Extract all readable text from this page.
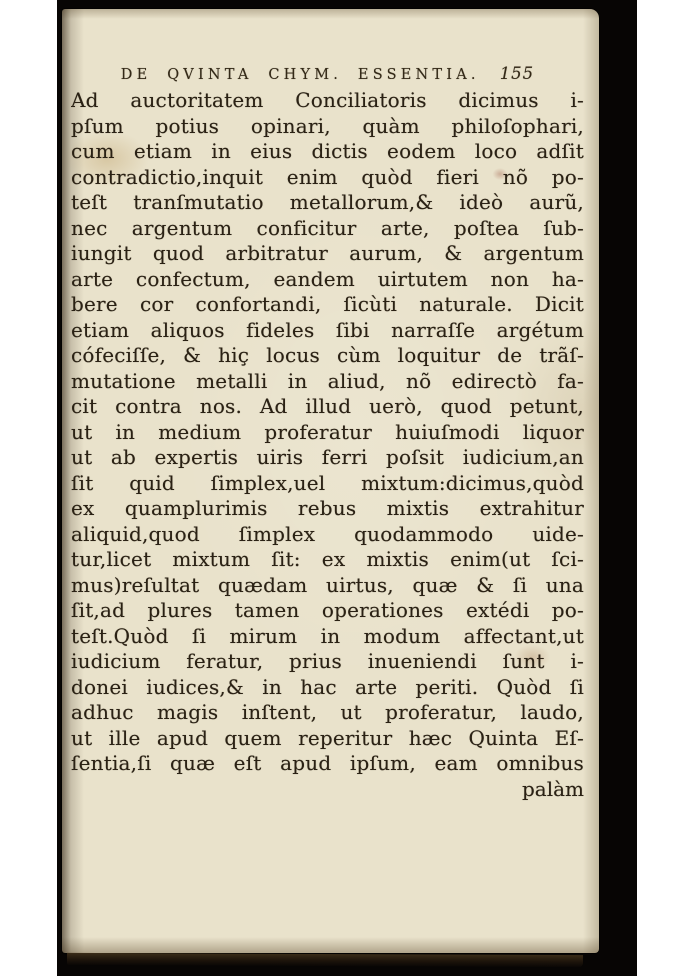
DE QVINTA CHYM. ESSENTIA. 155
Ad auctoritatem Conciliatoris dicimus i-
pſum potius opinari, quàm philoſophari,
cum etiam in eius dictis eodem loco adſit
contradictio,inquit enim quòd fieri nõ po-
teſt tranſmutatio metallorum,& ideò aurũ,
nec argentum conficitur arte, poſtea ſub-
iungit quod arbitratur aurum, & argentum
arte confectum, eandem uirtutem non ha-
bere cor confortandi, ſicùti naturale. Dicit
etiam aliquos fideles ſibi narraſſe argétum
cófeciſſe, & hiç locus cùm loquitur de trãſ-
mutatione metalli in aliud, nõ edirectò fa-
cit contra nos. Ad illud uerò, quod petunt,
ut in medium proferatur huiuſmodi liquor
ut ab expertis uiris ferri poſsit iudicium,an
ſit quid ſimplex,uel mixtum:dicimus,quòd
ex quamplurimis rebus mixtis extrahitur
aliquid,quod ſimplex quodammodo uide-
tur,licet mixtum ſit: ex mixtis enim(ut ſci-
mus)reſultat quædam uirtus, quæ & ſi una
ſit,ad plures tamen operationes extédi po-
teſt.Quòd ſi mirum in modum affectant,ut
iudicium feratur, prius inueniendi ſunt i-
donei iudices,& in hac arte periti. Quòd ſi
adhuc magis inſtent, ut proferatur, laudo,
ut ille apud quem reperitur hæc Quinta Eſ-
ſentia,ſi quæ eſt apud ipſum, eam omnibus
palàm
